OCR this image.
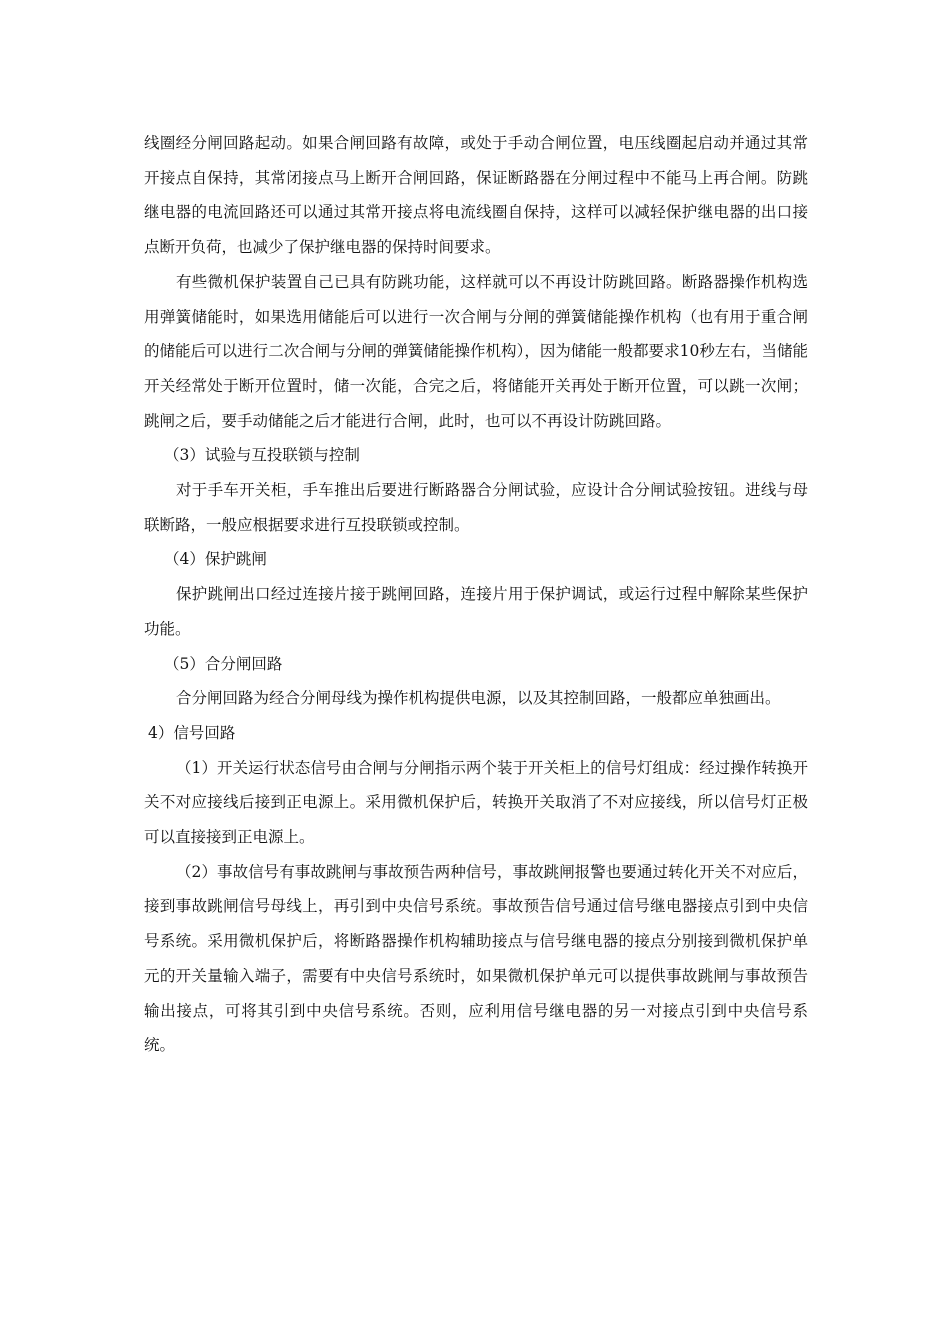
线圈经分闸回路起动。如果合闸回路有故障，或处于手动合闸位置，电压线圈起启动并通过其常开接点自保持，其常闭接点马上断开合闸回路，保证断路器在分闸过程中不能马上再合闸。防跳继电器的电流回路还可以通过其常开接点将电流线圈自保持，这样可以减轻保护继电器的出口接点断开负荷，也减少了保护继电器的保持时间要求。

有些微机保护装置自己已具有防跳功能，这样就可以不再设计防跳回路。断路器操作机构选用弹簧储能时，如果选用储能后可以进行一次合闸与分闸的弹簧储能操作机构（也有用于重合闸的储能后可以进行二次合闸与分闸的弹簧储能操作机构），因为储能一般都要求10秒左右，当储能开关经常处于断开位置时，储一次能，合完之后，将储能开关再处于断开位置，可以跳一次闸；跳闸之后，要手动储能之后才能进行合闸，此时，也可以不再设计防跳回路。

（3）试验与互投联锁与控制

对于手车开关柜，手车推出后要进行断路器合分闸试验，应设计合分闸试验按钮。进线与母联断路，一般应根据要求进行互投联锁或控制。

（4）保护跳闸

保护跳闸出口经过连接片接于跳闸回路，连接片用于保护调试，或运行过程中解除某些保护功能。

（5）合分闸回路

合分闸回路为经合分闸母线为操作机构提供电源，以及其控制回路，一般都应单独画出。

4）信号回路

（1）开关运行状态信号由合闸与分闸指示两个装于开关柜上的信号灯组成：经过操作转换开关不对应接线后接到正电源上。采用微机保护后，转换开关取消了不对应接线，所以信号灯正极可以直接接到正电源上。

（2）事故信号有事故跳闸与事故预告两种信号，事故跳闸报警也要通过转化开关不对应后，接到事故跳闸信号母线上，再引到中央信号系统。事故预告信号通过信号继电器接点引到中央信号系统。采用微机保护后，将断路器操作机构辅助接点与信号继电器的接点分别接到微机保护单元的开关量输入端子，需要有中央信号系统时，如果微机保护单元可以提供事故跳闸与事故预告输出接点，可将其引到中央信号系统。否则，应利用信号继电器的另一对接点引到中央信号系统。
